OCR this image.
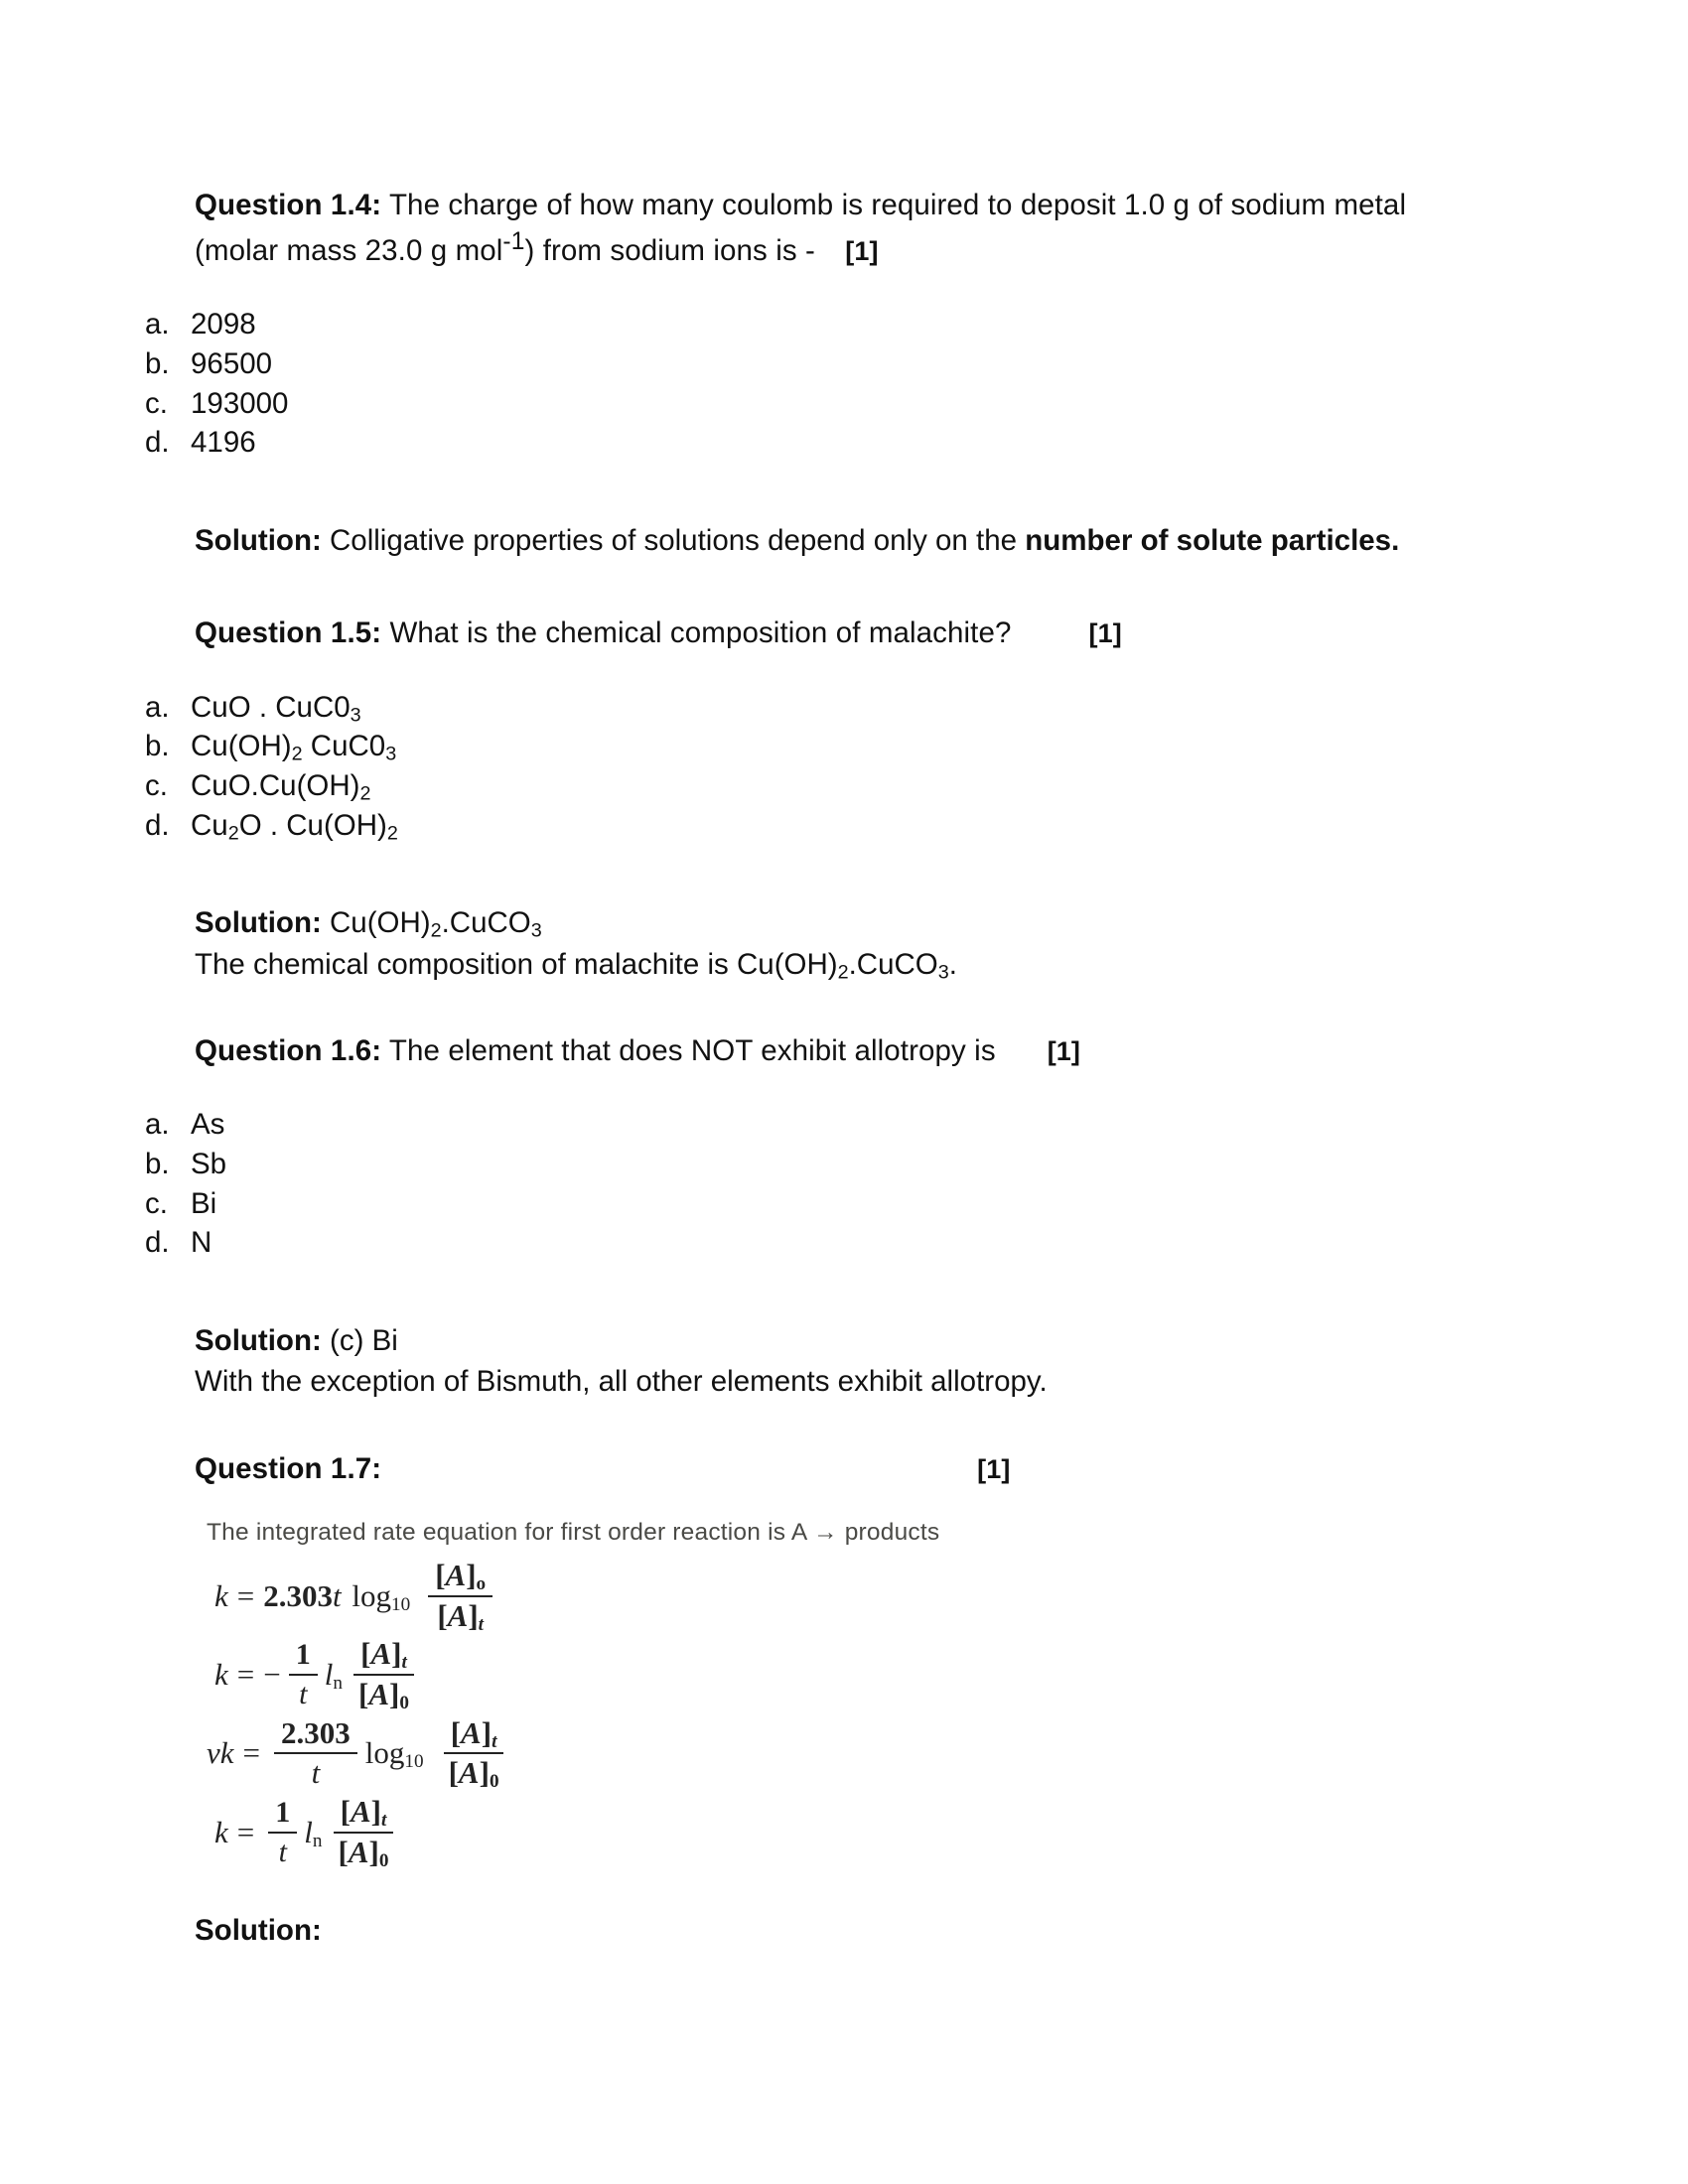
Question 1.4: The charge of how many coulomb is required to deposit 1.0 g of sodium metal (molar mass 23.0 g mol$^{-1}$) from sodium ions is - [1]

a. 2098
b. 96500
c. 193000
d. 4196

Solution: Colligative properties of solutions depend only on the number of solute particles.

Question 1.5: What is the chemical composition of malachite?	[1]

a. CuO . $CuC0_3$
b. $Cu(OH)_2$ $CuC0_3$
c. $CuO.Cu(OH)_2$
d. $Cu_2O$ . $Cu(OH)_2$

Solution: $Cu(OH)_2.CuCO_3$

The chemical composition of malachite is $Cu(OH)_2.CuCO_3$.

Question 1.6: The element that does NOT exhibit allotropy is [1]

a. As
b. Sb
c. Bi
d. N

Solution: (c) Bi

With the exception of Bismuth, all other elements exhibit allotropy.

Question 1.7:	[1]

The integrated rate equation for first order reaction is A → products
k = 2.303 t $\log_{10} \frac{[A]_o}{[A]_t}$
k = − $\frac{1}{t} l_n \frac{[A]_t}{[A]_0}$
v $k = \frac{2.303}{t} \log_{10} \frac{[A]_t}{[A]_0}$
$k = \frac{1}{t} l_n \frac{[A]_t}{[A]_0}$

Solution:
